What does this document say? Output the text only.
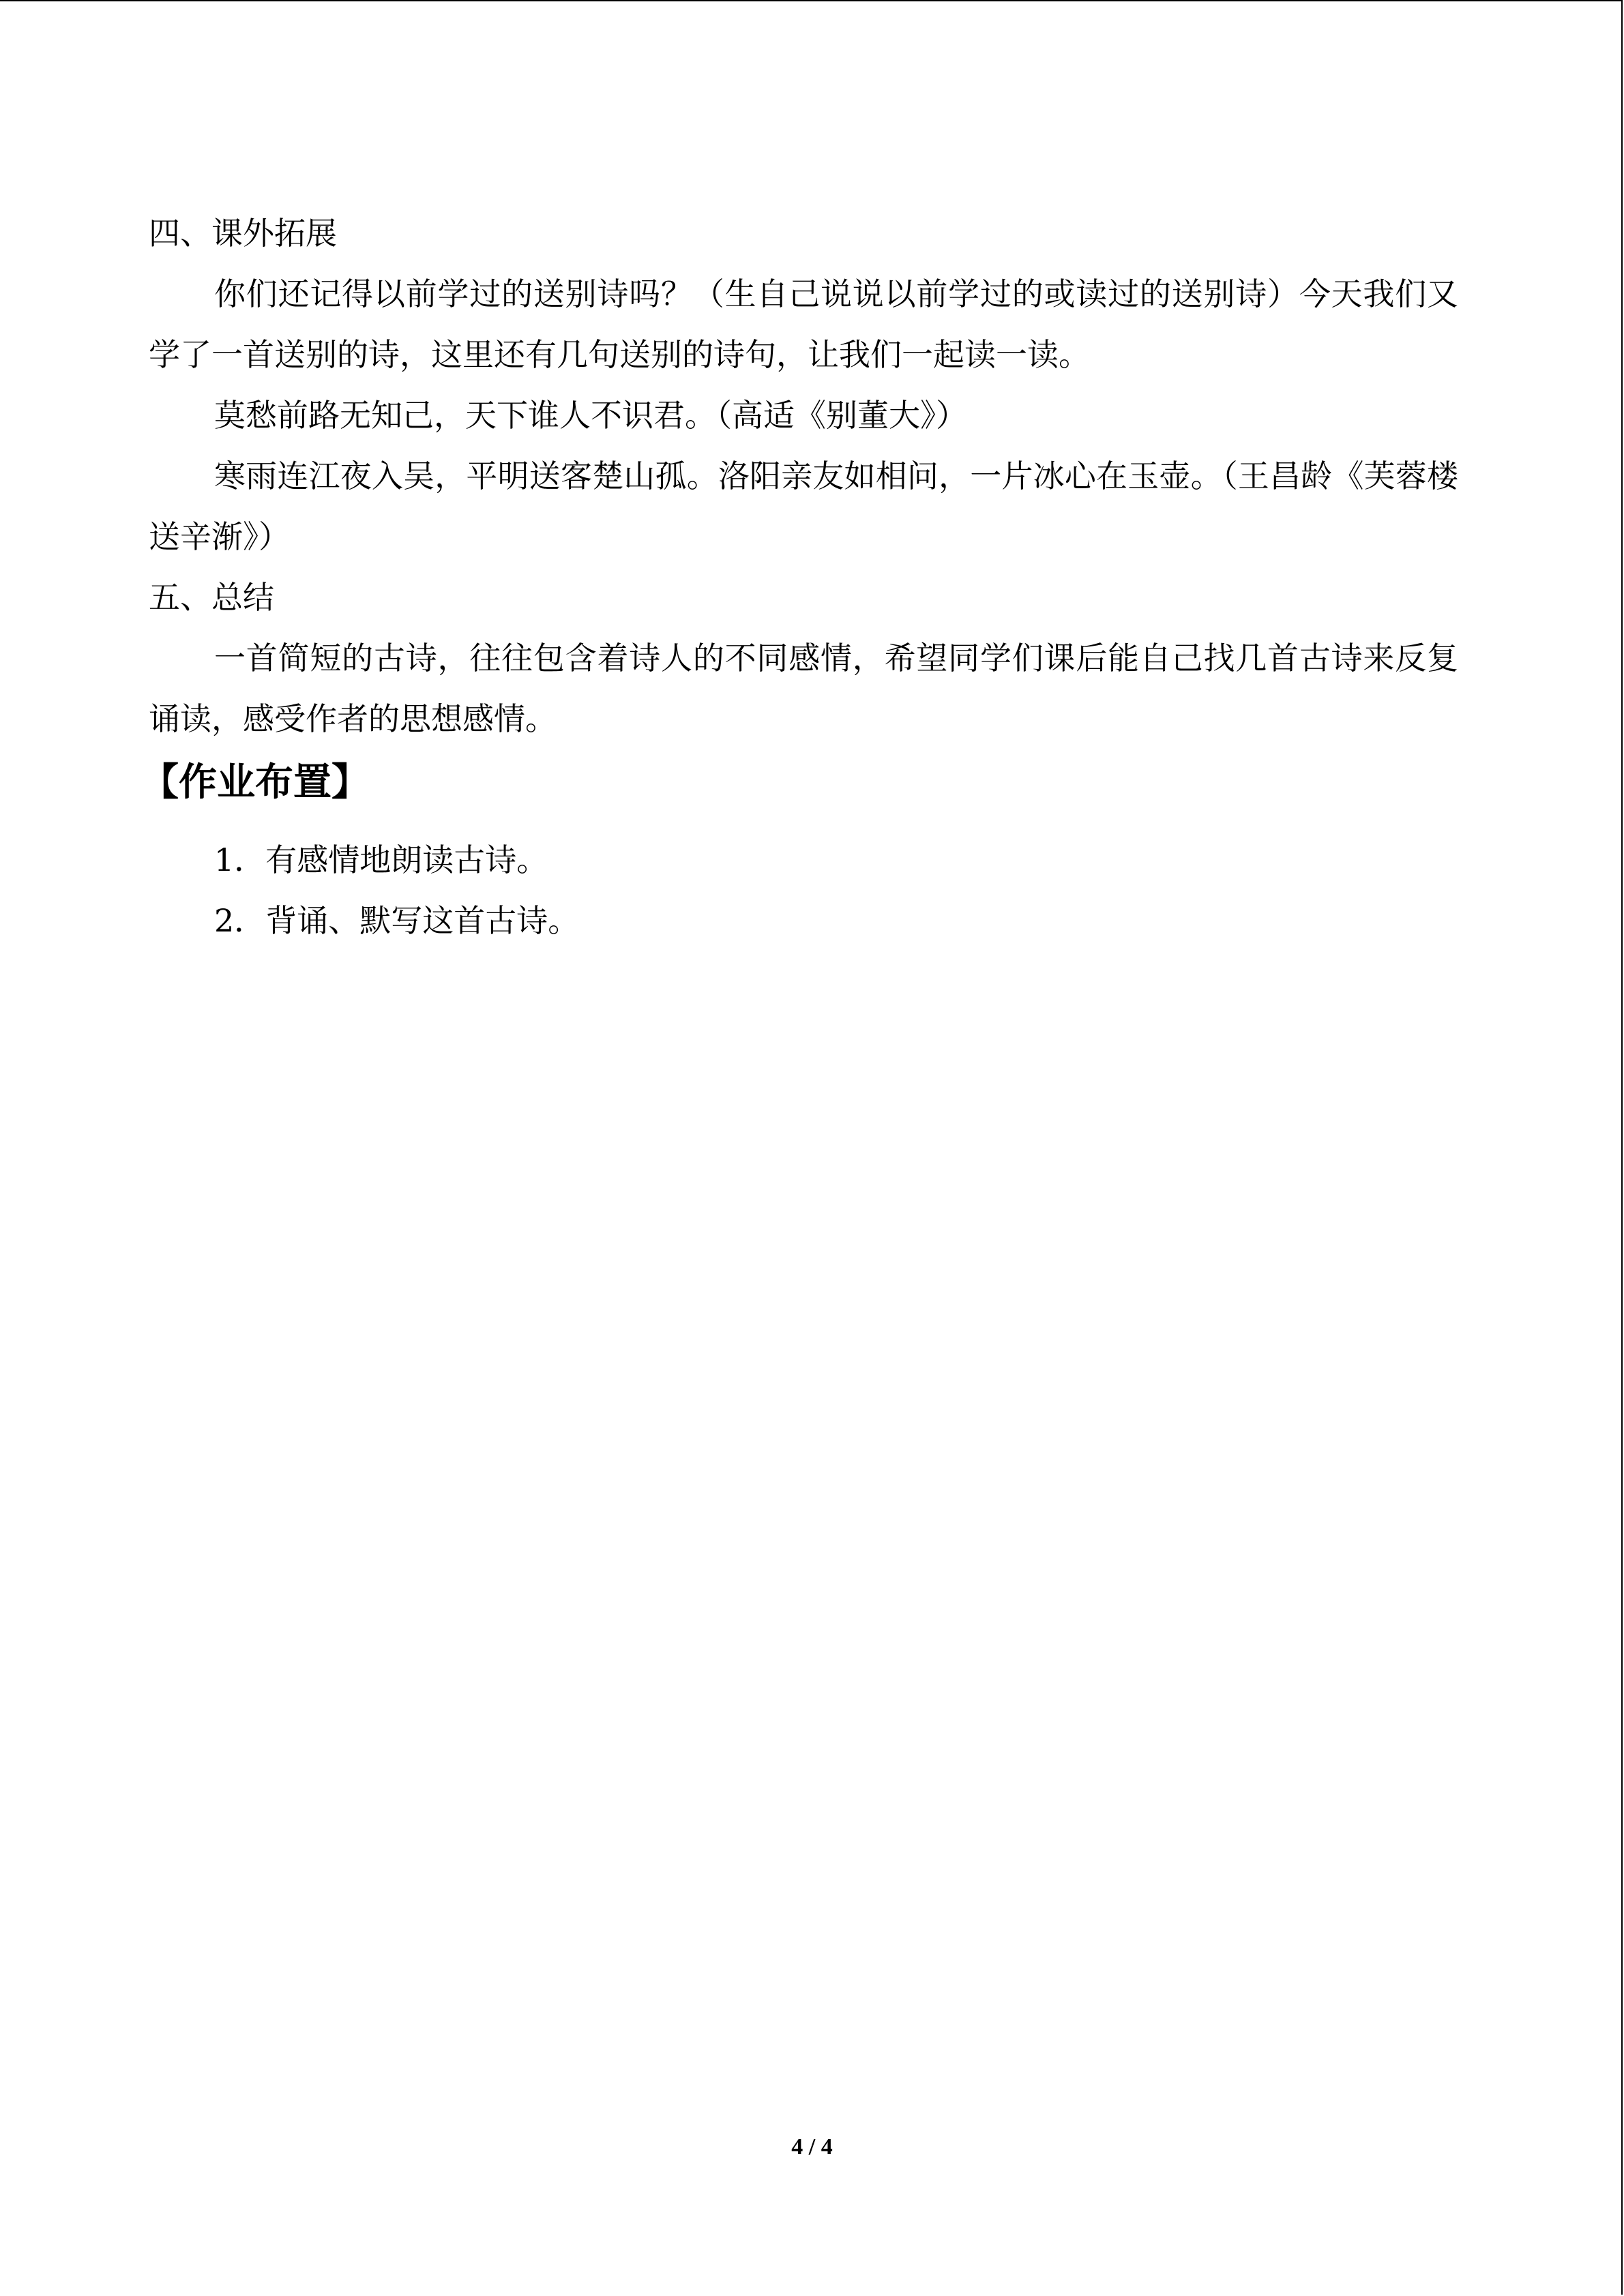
四、课外拓展

你们还记得以前学过的送别诗吗？（生自己说说以前学过的或读过的送别诗）今天我们又学了一首送别的诗，这里还有几句送别的诗句，让我们一起读一读。

莫愁前路无知己，天下谁人不识君。（高适《别董大》）

寒雨连江夜入吴，平明送客楚山孤。洛阳亲友如相问，一片冰心在玉壶。（王昌龄《芙蓉楼送辛渐》）

五、总结

一首简短的古诗，往往包含着诗人的不同感情，希望同学们课后能自己找几首古诗来反复诵读，感受作者的思想感情。

【作业布置】

1．有感情地朗读古诗。

2．背诵、默写这首古诗。

4 / 4
